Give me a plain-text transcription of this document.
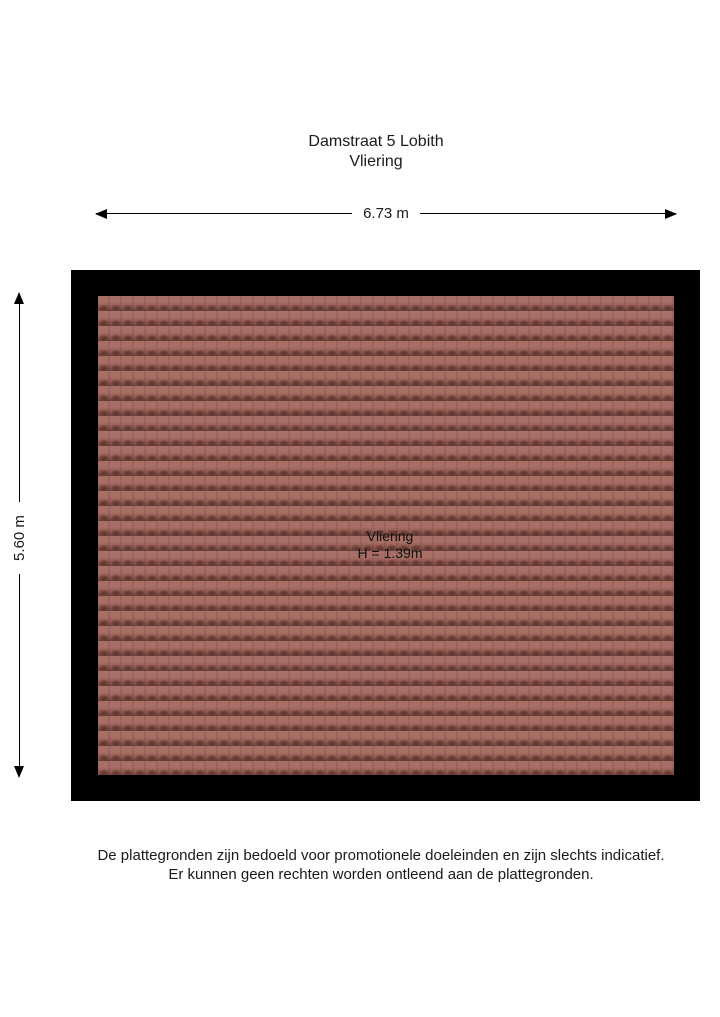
Damstraat 5 Lobith
Vliering
6.73 m
5.60 m	Vliering
H = 1.39m
De plattegronden zijn bedoeld voor promotionele doeleinden en zijn slechts indicatief.
Er kunnen geen rechten worden ontleend aan de plattegronden.
